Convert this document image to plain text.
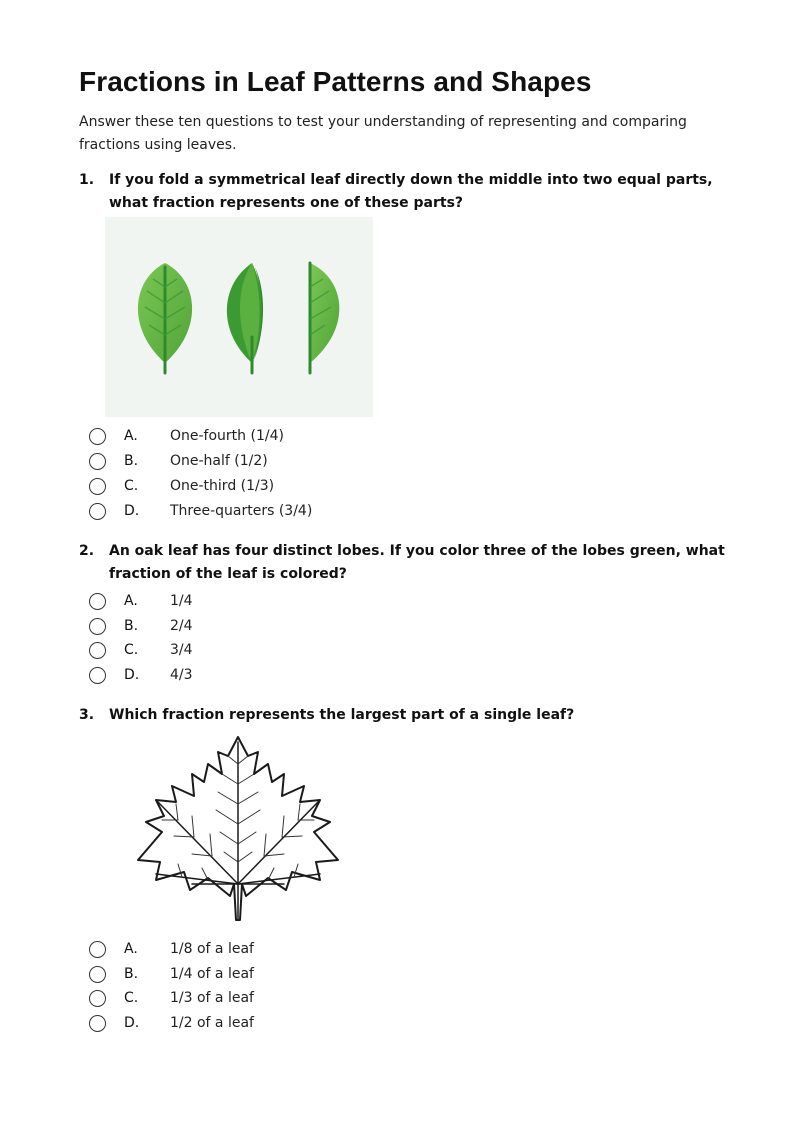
Fractions in Leaf Patterns and Shapes

Answer these ten questions to test your understanding of representing and comparing fractions using leaves.

1. If you fold a symmetrical leaf directly down the middle into two equal parts, what fraction represents one of these parts?

A. One-fourth (1/4)
B. One-half (1/2)
C. One-third (1/3)
D. Three-quarters (3/4)
2. An oak leaf has four distinct lobes. If you color three of the lobes green, what fraction of the leaf is colored?

A. 1/4
B. 2/4
C. 3/4
D. 4/3
3. Which fraction represents the largest part of a single leaf?

A. 1/8 of a leaf
B. 1/4 of a leaf
C. 1/3 of a leaf
D. 1/2 of a leaf
